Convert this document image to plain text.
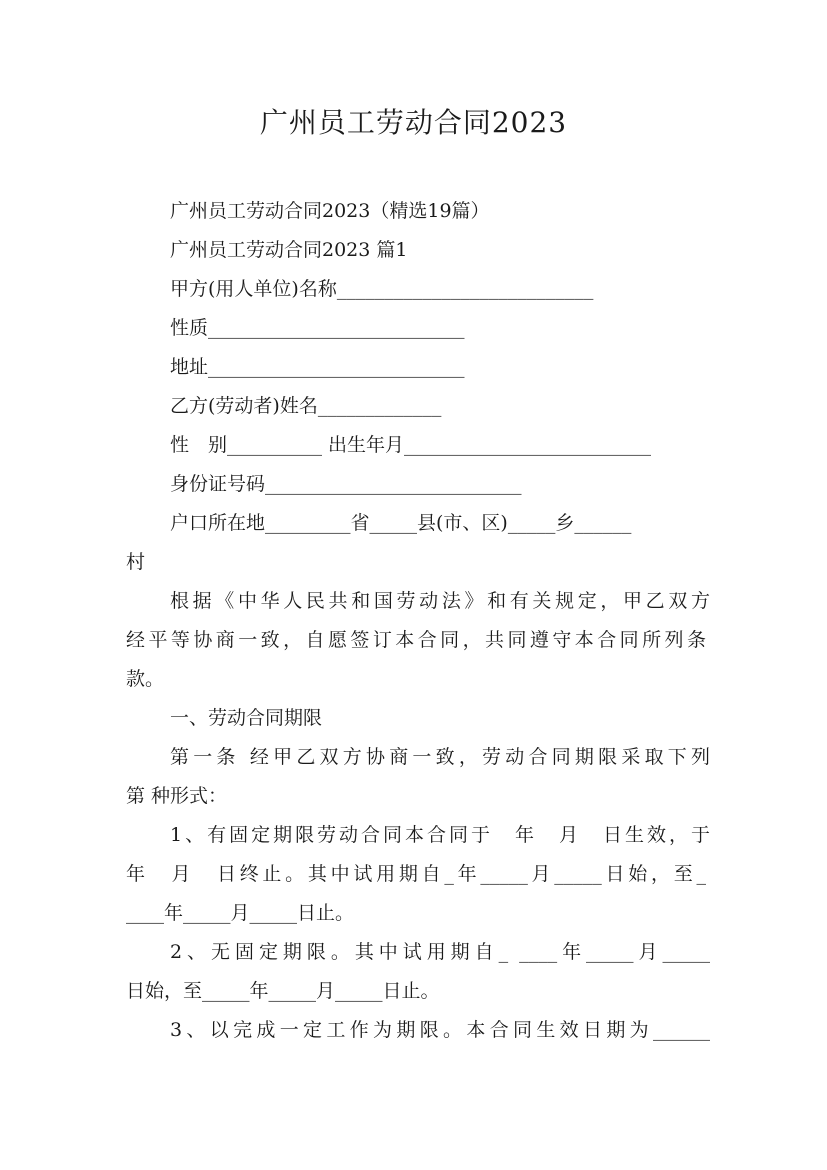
广州员工劳动合同2023
广州员工劳动合同2023（精选19篇）
广州员工劳动合同2023 篇1
甲方(用人单位)名称___________________________
性质___________________________
地址___________________________
乙方(劳动者)姓名_____________
性　别__________ 出生年月__________________________
身份证号码___________________________
户口所在地_________省_____县(市、区)_____乡______
村
根据《中华人民共和国劳动法》和有关规定，甲乙双方
经平等协商一致，自愿签订本合同，共同遵守本合同所列条
款。
一、劳动合同期限
第一条 经甲乙双方协商一致，劳动合同期限采取下列
第 种形式：
1、有固定期限劳动合同本合同于　年　月　日生效，于
年　月　日终止。其中试用期自_年_____月_____日始，至_
____年_____月_____日止。
2、无固定期限。其中试用期自_ ____年_____月_____
日始，至_____年_____月_____日止。
3、以完成一定工作为期限。本合同生效日期为______
